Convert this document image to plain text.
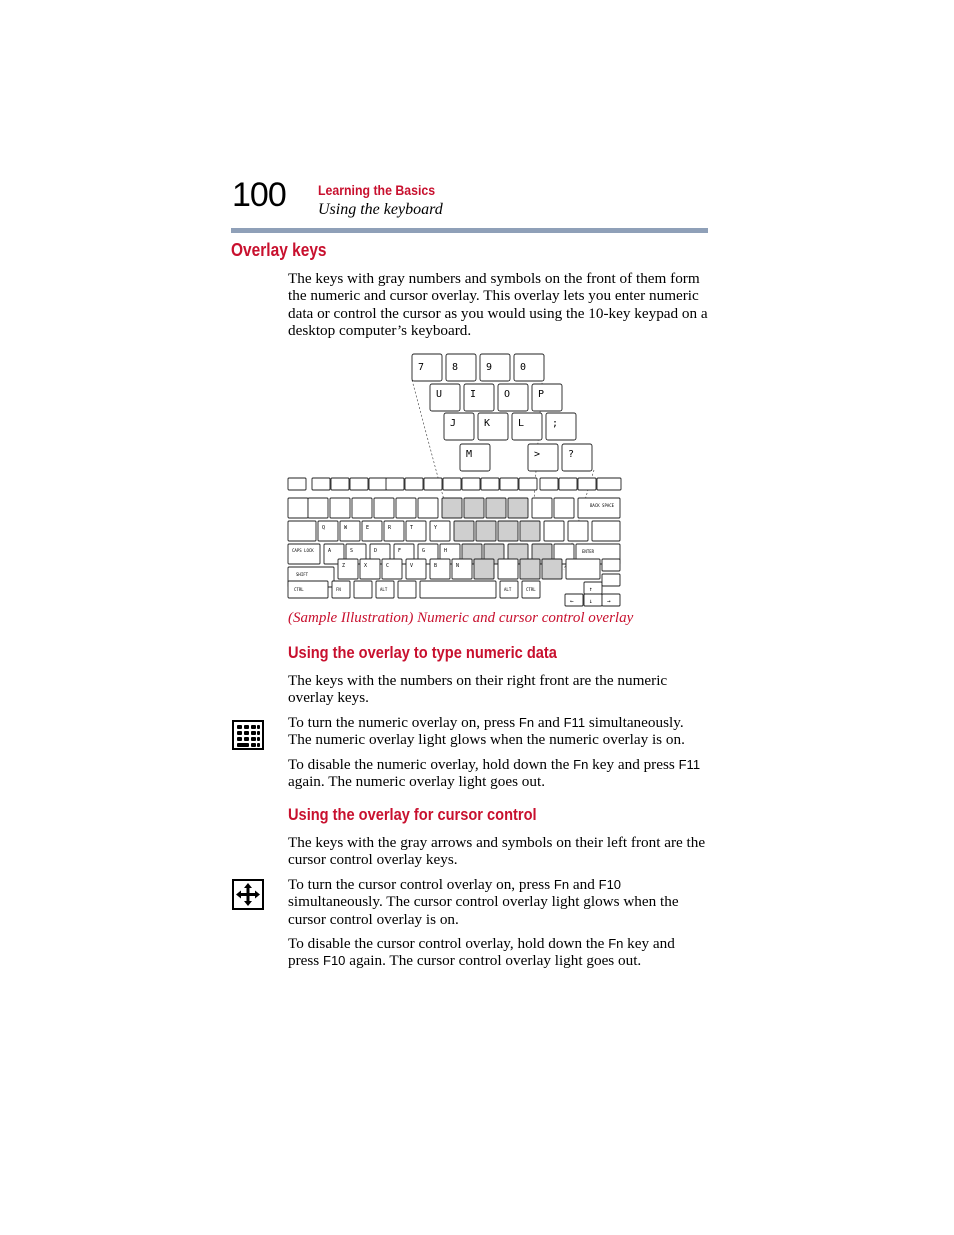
100 Learning the Basics
Using the keyboard
Overlay keys
The keys with gray numbers and symbols on the front of them form the numeric and cursor overlay. This overlay lets you enter numeric data or control the cursor as you would using the 10-key keypad on a desktop computer’s keyboard.
7	8	9	0
U	I	O	P
J	K	L	;
M	>	?
BACK SPACE
Q	W	E	R	T	Y
CAPS LOCK	ENTER
A	S	D	F	G	H
SHIFT
Z	X	C	V	B	N
CTRL	FN	ALT	ALT	CTRL	↑
↓
←	→
(Sample Illustration) Numeric and cursor control overlay
Using the overlay to type numeric data
The keys with the numbers on their right front are the numeric overlay keys.
To turn the numeric overlay on, press Fn and F11 simultaneously. The numeric overlay light glows when the numeric overlay is on.
To disable the numeric overlay, hold down the Fn key and press F11 again. The numeric overlay light goes out.
Using the overlay for cursor control
The keys with the gray arrows and symbols on their left front are the cursor control overlay keys.
To turn the cursor control overlay on, press Fn and F10 simultaneously. The cursor control overlay light glows when the cursor control overlay is on.
To disable the cursor control overlay, hold down the Fn key and press F10 again. The cursor control overlay light goes out.
